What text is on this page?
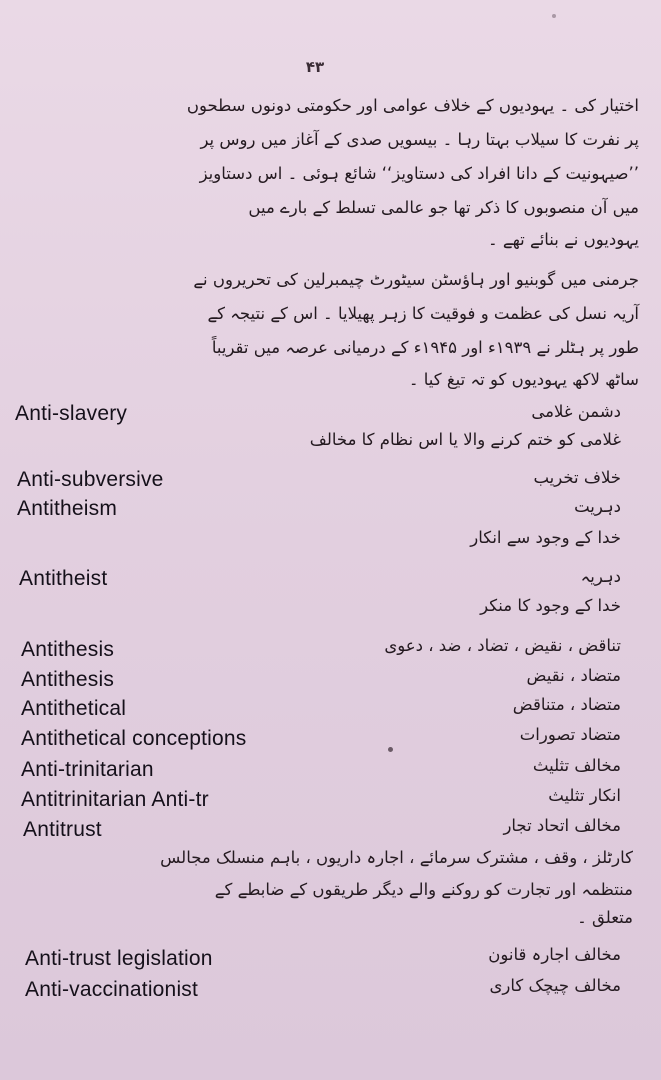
۴۳
اختیار کی ۔ یہودیوں کے خلاف عوامی اور حکومتی دونوں سطحوں
پر نفرت کا سیلاب بہتا رہا ۔ بیسویں صدی کے آغاز میں روس پر
’’صیہونیت کے دانا افراد کی دستاویز‘‘ شائع ہوئی ۔ اس دستاویز
میں آن منصوبوں کا ذکر تھا جو عالمی تسلط کے بارے میں
یہودیوں نے بنائے تھے ۔
جرمنی میں گوبنیو اور ہاؤسٹن سیٹورٹ چیمبرلین کی تحریروں نے
آریہ نسل کی عظمت و فوقیت کا زہر پھیلایا ۔ اس کے نتیجہ کے
طور پر ہٹلر نے ۱۹۳۹ء اور ۱۹۴۵ء کے درمیانی عرصہ میں تقریباً
ساٹھ لاکھ یہودیوں کو تہ تیغ کیا ۔
Anti-slavery	دشمن غلامی
غلامی کو ختم کرنے والا یا اس نظام کا مخالف
Anti-subversive	خلاف تخریب
Antitheism	دہریت
خدا کے وجود سے انکار
Antitheist	دہریہ
خدا کے وجود کا منکر
Antithesis	تناقض ، نقیض ، تضاد ، ضد ، دعوی
Antithesis	متضاد ، نقیض
Antithetical	متضاد ، متناقض
Antithetical conceptions	متضاد تصورات
Anti-trinitarian	مخالف تثلیث
Antitrinitarian Anti-tr	انکار تثلیث
Antitrust	مخالف اتحاد تجار
کارٹلز ، وقف ، مشترک سرمائے ، اجارہ داریوں ، باہم منسلک مجالس
منتظمہ اور تجارت کو روکنے والے دیگر طریقوں کے ضابطے کے
متعلق ۔
Anti-trust legislation	مخالف اجارہ قانون
Anti-vaccinationist	مخالف چیچک کاری
